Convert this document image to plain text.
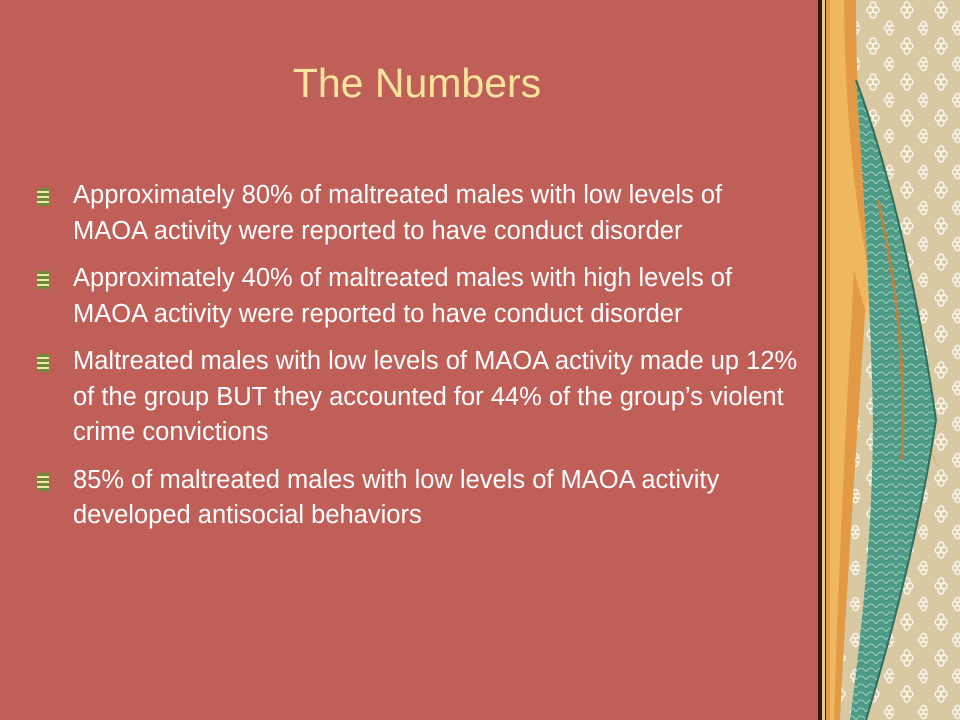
The Numbers
Approximately 80% of maltreated males with low levels of MAOA activity were reported to have conduct disorder
Approximately 40% of maltreated males with high levels of MAOA activity were reported to have conduct disorder
Maltreated males with low levels of MAOA activity made up 12% of the group BUT they accounted for 44% of the group’s violent crime convictions
85% of maltreated males with low levels of MAOA activity developed antisocial behaviors
